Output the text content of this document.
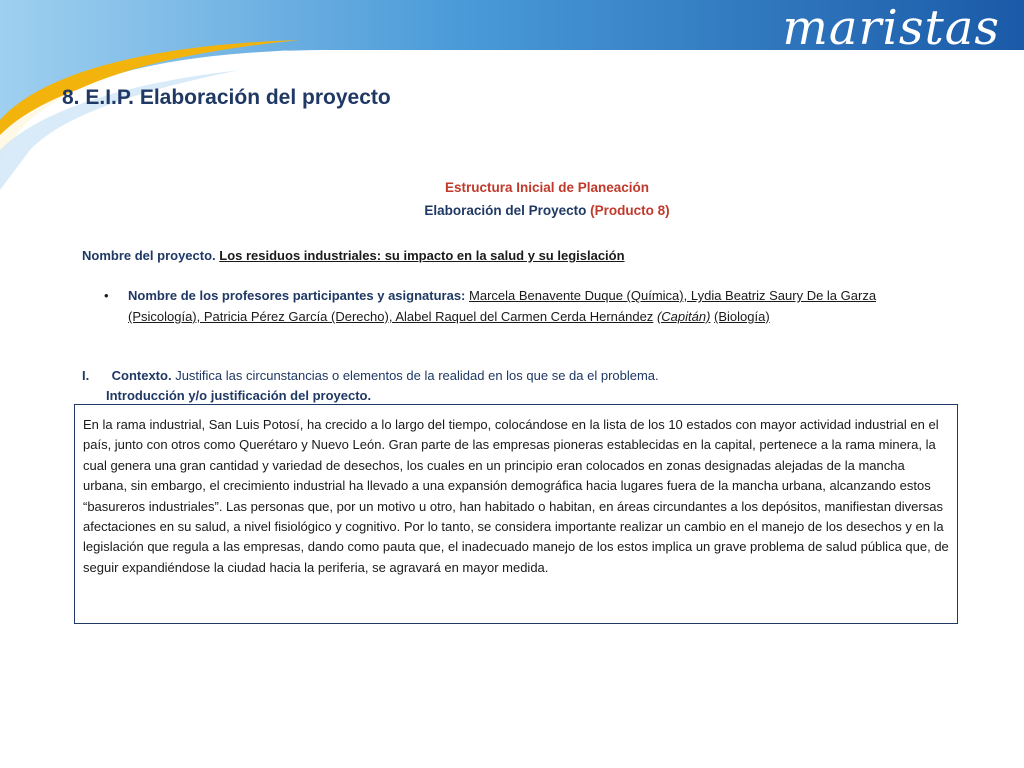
maristas
8. E.I.P. Elaboración del proyecto
Estructura Inicial de Planeación
Elaboración del Proyecto (Producto 8)
Nombre del proyecto. Los residuos industriales: su impacto en la salud y su legislación
• Nombre de los profesores participantes y asignaturas: Marcela Benavente Duque (Química), Lydia Beatriz Saury De la Garza (Psicología), Patricia Pérez García (Derecho), Alabel Raquel del Carmen Cerda Hernández (Capitán) (Biología)
I. Contexto. Justifica las circunstancias o elementos de la realidad en los que se da el problema.
Introducción y/o justificación del proyecto.
En la rama industrial, San Luis Potosí, ha crecido a lo largo del tiempo, colocándose en la lista de los 10 estados con mayor actividad industrial en el país, junto con otros como Querétaro y Nuevo León. Gran parte de las empresas pioneras establecidas en la capital, pertenece a la rama minera, la cual genera una gran cantidad y variedad de desechos, los cuales en un principio eran colocados en zonas designadas alejadas de la mancha urbana, sin embargo, el crecimiento industrial ha llevado a una expansión demográfica hacia lugares fuera de la mancha urbana, alcanzando estos “basureros industriales”. Las personas que, por un motivo u otro, han habitado o habitan, en áreas circundantes a los depósitos, manifiestan diversas afectaciones en su salud, a nivel fisiológico y cognitivo. Por lo tanto, se considera importante realizar un cambio en el manejo de los desechos y en la legislación que regula a las empresas, dando como pauta que, el inadecuado manejo de los estos implica un grave problema de salud pública que, de seguir expandiéndose la ciudad hacia la periferia, se agravará en mayor medida.
